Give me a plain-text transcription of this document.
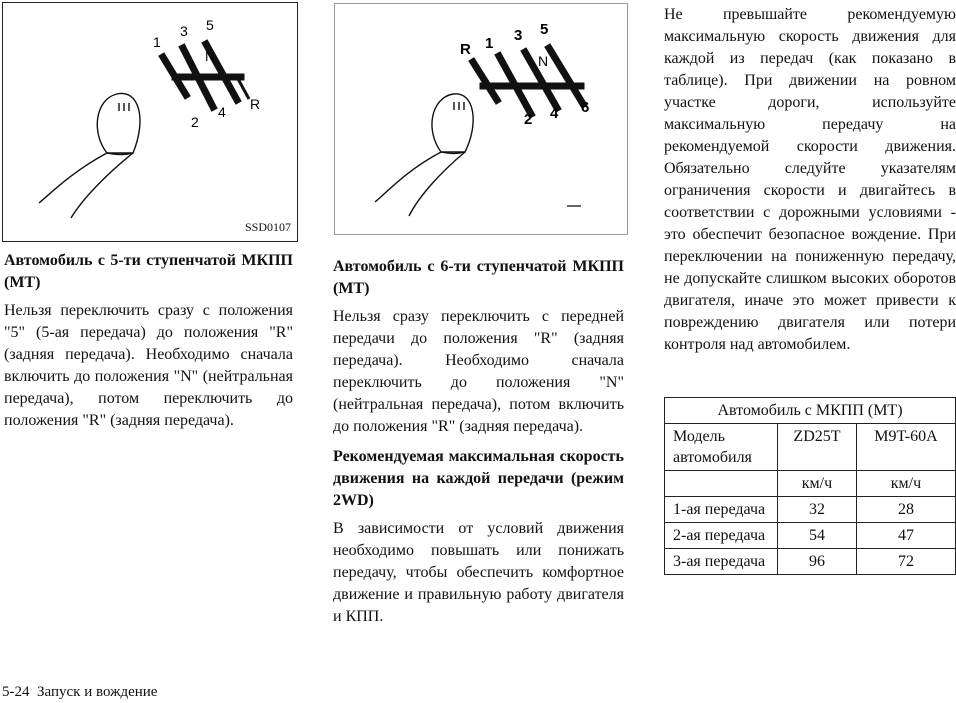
1
3 5
N
2
4 R
SSD0107
R 1 3 5
N
2 4 6

Автомобиль с 5-ти ступенчатой МКПП (МТ)

Нельзя переключить сразу с положения "5" (5-ая передача) до положения "R" (задняя передача). Необходимо сначала включить до положения "N" (нейтральная передача), потом переключить до положения "R" (задняя передача).

Автомобиль с 6-ти ступенчатой МКПП (МТ)

Нельзя сразу переключить с передней передачи до положения "R" (задняя передача). Необходимо сначала переключить до положения "N" (нейтральная передача), потом включить до положения "R" (задняя передача).

Рекомендуемая максимальная скорость движения на каждой передачи (режим 2WD)

В зависимости от условий движения необходимо повышать или понижать передачу, чтобы обеспечить комфортное движение и правильную работу двигателя и КПП.

Не превышайте рекомендуемую максимальную скорость движения для каждой из передач (как показано в таблице). При движении на ровном участке дороги, используйте максимальную передачу на рекомендуемой скорости движения. Обязательно следуйте указателям ограничения скорости и двигайтесь в соответствии с дорожными условиями - это обеспечит безопасное вождение. При переключении на пониженную передачу, не допускайте слишком высоких оборотов двигателя, иначе это может привести к повреждению двигателя или потери контроля над автомобилем.

Автомобиль с МКПП (МТ)		
Модель автомобиля	ZD25T	M9T-60A
	км/ч	км/ч
1-ая передача	32	28
2-ая передача	54	47
3-ая передача	96	72
5-24  Запуск и вождение
